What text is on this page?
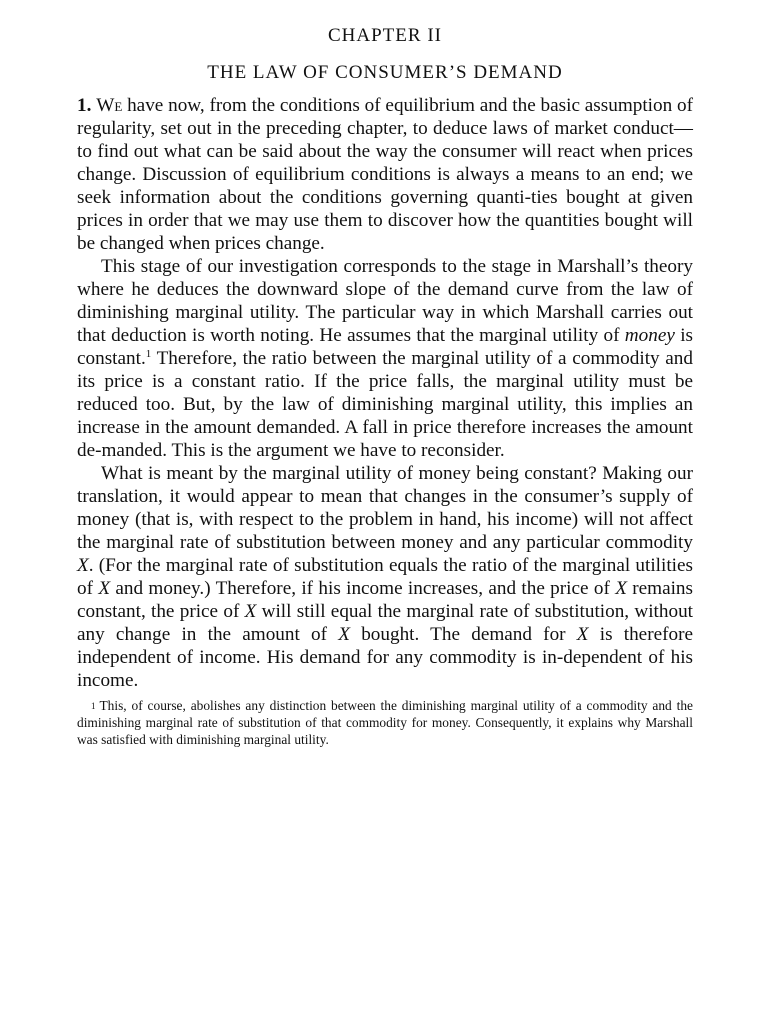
CHAPTER II
THE LAW OF CONSUMER’S DEMAND

1. We have now, from the conditions of equilibrium and the basic assumption of regularity, set out in the preceding chapter, to deduce laws of market conduct—to find out what can be said about the way the consumer will react when prices change. Discussion of equilibrium conditions is always a means to an end; we seek information about the conditions governing quanti-ties bought at given prices in order that we may use them to discover how the quantities bought will be changed when prices change.

This stage of our investigation corresponds to the stage in Marshall’s theory where he deduces the downward slope of the demand curve from the law of diminishing marginal utility. The particular way in which Marshall carries out that deduction is worth noting. He assumes that the marginal utility of money is constant.$^1$ Therefore, the ratio between the marginal utility of a commodity and its price is a constant ratio. If the price falls, the marginal utility must be reduced too. But, by the law of diminishing marginal utility, this implies an increase in the amount demanded. A fall in price therefore increases the amount de-manded. This is the argument we have to reconsider.

What is meant by the marginal utility of money being constant? Making our translation, it would appear to mean that changes in the consumer’s supply of money (that is, with respect to the problem in hand, his income) will not affect the marginal rate of substitution between money and any particular commodity X. (For the marginal rate of substitution equals the ratio of the marginal utilities of X and money.) Therefore, if his income increases, and the price of X remains constant, the price of X will still equal the marginal rate of substitution, without any change in the amount of X bought. The demand for X is therefore independent of income. His demand for any commodity is in-dependent of his income.

$^1$ This, of course, abolishes any distinction between the diminishing marginal utility of a commodity and the diminishing marginal rate of substitution of that commodity for money. Consequently, it explains why Marshall was satisfied with diminishing marginal utility.
